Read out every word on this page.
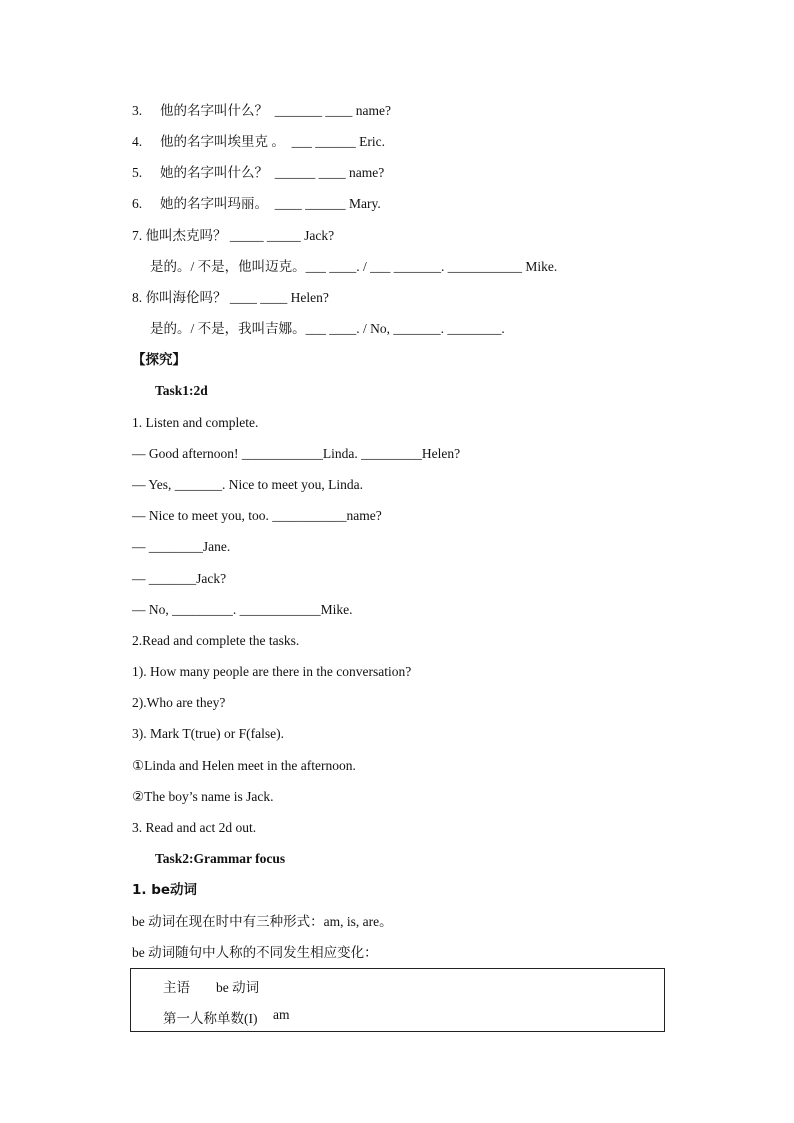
3. 他的名字叫什么？ _______ ____ name?
4. 他的名字叫埃里克 。 ___ ______ Eric.
5. 她的名字叫什么？ ______ ____ name?
6. 她的名字叫玛丽。 ____ ______ Mary.
7. 他叫杰克吗？ _____ _____ Jack?
是的。/ 不是，他叫迈克。___ ____. / ___ _______. ___________ Mike.
8. 你叫海伦吗？ ____ ____ Helen?
是的。/ 不是，我叫吉娜。___ ____. / No, _______. ________.
【探究】
Task1:2d
1. Listen and complete.
— Good afternoon! ____________Linda. _________Helen?
— Yes, _______. Nice to meet you, Linda.
— Nice to meet you, too. ___________name?
— ________Jane.
— _______Jack?
— No, _________. ____________Mike.
2.Read and complete the tasks.
1). How many people are there in the conversation?
2).Who are they?
3). Mark T(true) or F(false).
①Linda and Helen meet in the afternoon.
②The boy’s name is Jack.
3. Read and act 2d out.
Task2:Grammar focus
1. be动词
be 动词在现在时中有三种形式：am, is, are。
be 动词随句中人称的不同发生相应变化：
主语 be 动词
第一人称单数(I) am
